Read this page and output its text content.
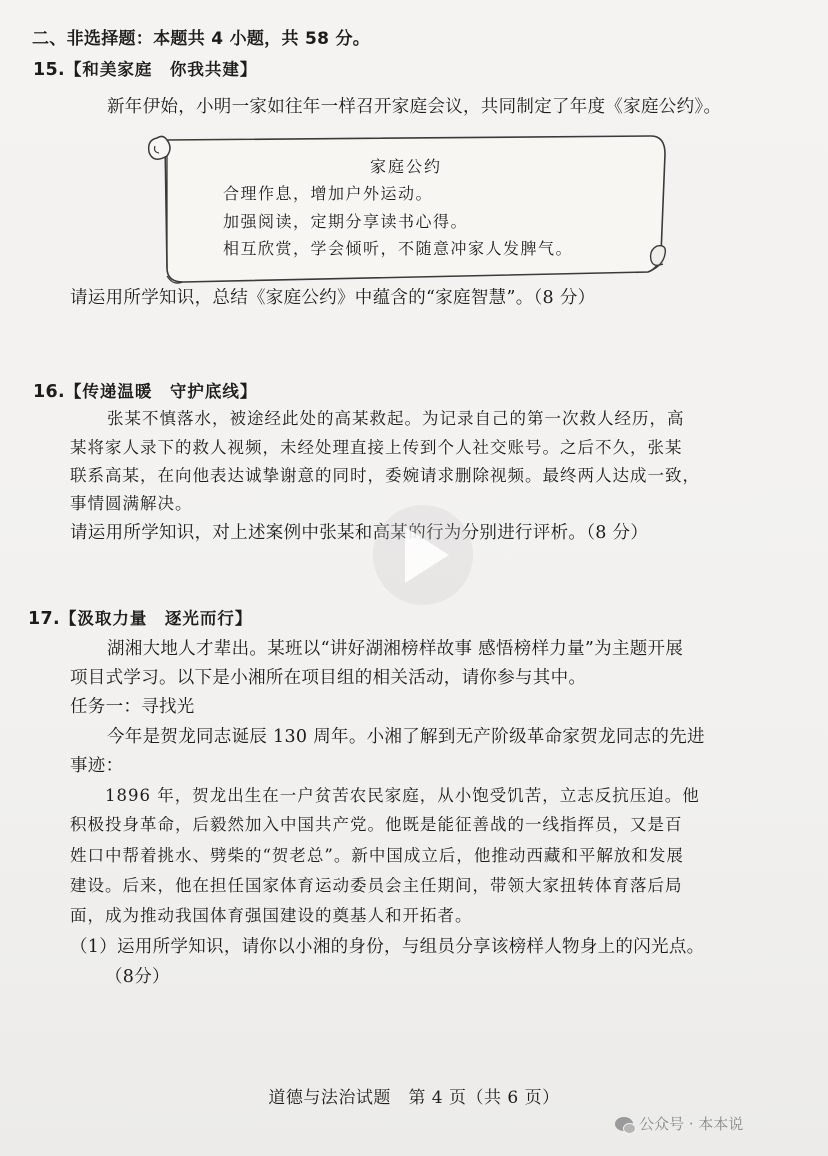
二、非选择题：本题共 4 小题，共 58 分。
15.【和美家庭　你我共建】
新年伊始，小明一家如往年一样召开家庭会议，共同制定了年度《家庭公约》。
家庭公约
合理作息，增加户外运动。
加强阅读，定期分享读书心得。
相互欣赏，学会倾听，不随意冲家人发脾气。
请运用所学知识，总结《家庭公约》中蕴含的“家庭智慧”。（8 分）
16.【传递温暖　守护底线】
张某不慎落水，被途经此处的高某救起。为记录自己的第一次救人经历，高
某将家人录下的救人视频，未经处理直接上传到个人社交账号。之后不久，张某
联系高某，在向他表达诚挚谢意的同时，委婉请求删除视频。最终两人达成一致，
事情圆满解决。
请运用所学知识，对上述案例中张某和高某的行为分别进行评析。（8 分）
17.【汲取力量　逐光而行】
湖湘大地人才辈出。某班以“讲好湖湘榜样故事 感悟榜样力量”为主题开展
项目式学习。以下是小湘所在项目组的相关活动，请你参与其中。
任务一：寻找光
今年是贺龙同志诞辰 130 周年。小湘了解到无产阶级革命家贺龙同志的先进
事迹：
1896 年，贺龙出生在一户贫苦农民家庭，从小饱受饥苦，立志反抗压迫。他
积极投身革命，后毅然加入中国共产党。他既是能征善战的一线指挥员，又是百
姓口中帮着挑水、劈柴的“贺老总”。新中国成立后，他推动西藏和平解放和发展
建设。后来，他在担任国家体育运动委员会主任期间，带领大家扭转体育落后局
面，成为推动我国体育强国建设的奠基人和开拓者。
（1）运用所学知识，请你以小湘的身份，与组员分享该榜样人物身上的闪光点。
（8分）
道德与法治试题　第 4 页（共 6 页）
公众号 · 本本说
